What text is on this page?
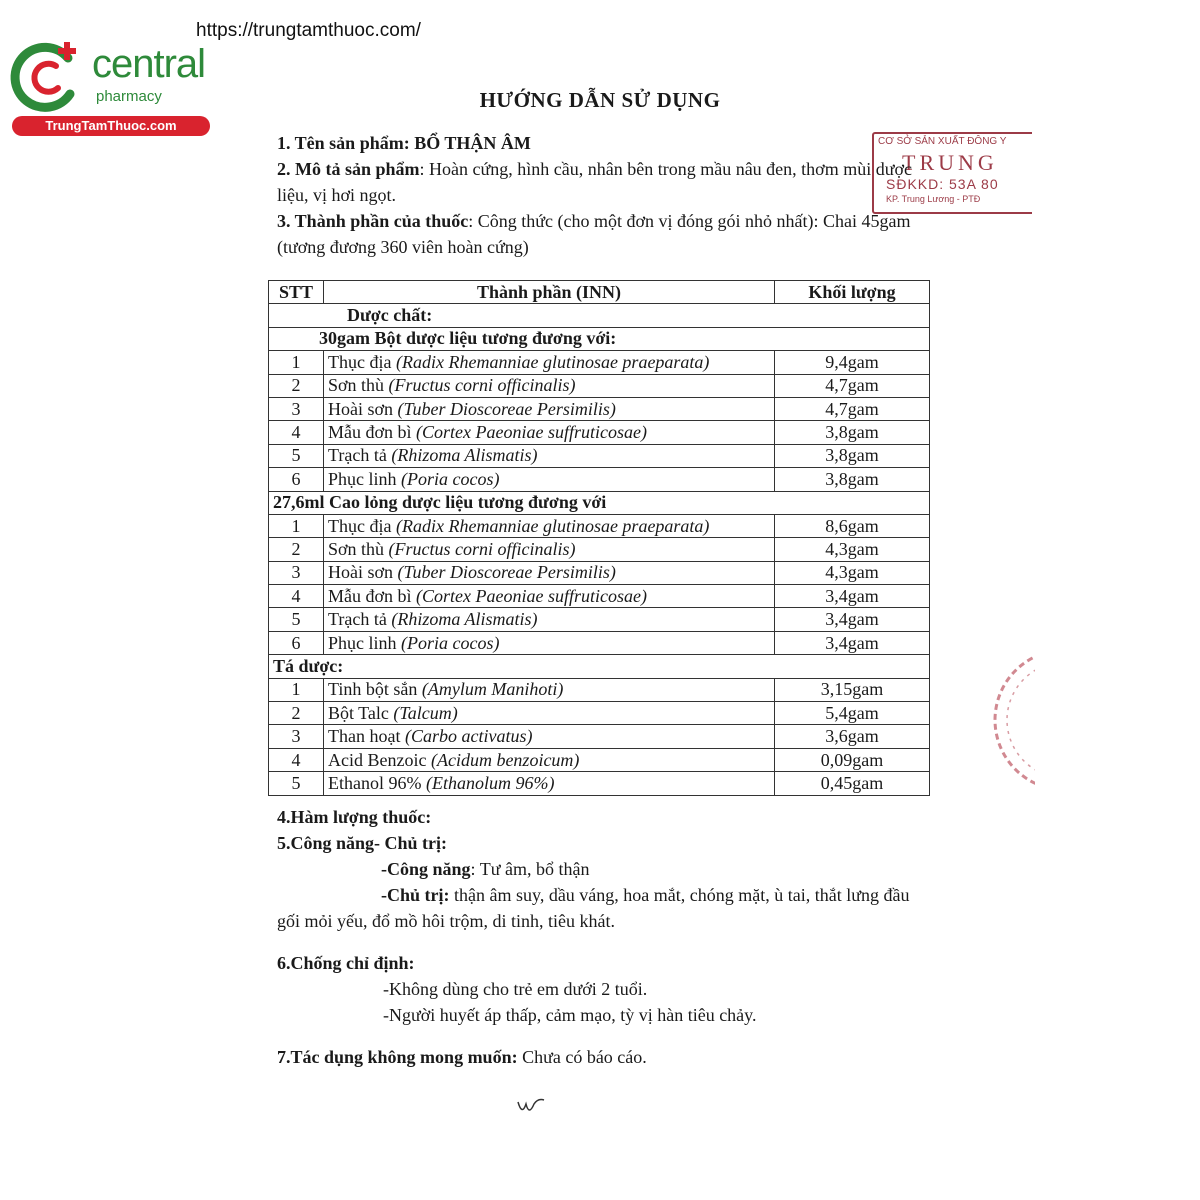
https://trungtamthuoc.com/
central
pharmacy
TrungTamThuoc.com
HƯỚNG DẪN SỬ DỤNG
CƠ SỞ SẢN XUẤT ĐÔNG Y
TRUNG
SĐKKD: 53A 80
KP. Trung Lương - PTĐ

1. Tên sản phẩm: BỔ THẬN ÂM

2. Mô tả sản phẩm: Hoàn cứng, hình cầu, nhân bên trong mầu nâu đen, thơm mùi dược liệu, vị hơi ngọt.

3. Thành phần của thuốc: Công thức (cho một đơn vị đóng gói nhỏ nhất): Chai 45gam (tương đương 360 viên hoàn cứng)

STT	Thành phần (INN)	Khối lượng
Dược chất:		
30gam Bột dược liệu tương đương với:		
1	Thục địa (Radix Rhemanniae glutinosae praeparata)	9,4gam
2	Sơn thù (Fructus corni officinalis)	4,7gam
3	Hoài sơn (Tuber Dioscoreae Persimilis)	4,7gam
4	Mẫu đơn bì (Cortex Paeoniae suffruticosae)	3,8gam
5	Trạch tả (Rhizoma Alismatis)	3,8gam
6	Phục linh (Poria cocos)	3,8gam
27,6ml Cao lỏng dược liệu tương đương với		
1	Thục địa (Radix Rhemanniae glutinosae praeparata)	8,6gam
2	Sơn thù (Fructus corni officinalis)	4,3gam
3	Hoài sơn (Tuber Dioscoreae Persimilis)	4,3gam
4	Mẫu đơn bì (Cortex Paeoniae suffruticosae)	3,4gam
5	Trạch tả (Rhizoma Alismatis)	3,4gam
6	Phục linh (Poria cocos)	3,4gam
Tá dược:		
1	Tinh bột sắn (Amylum Manihoti)	3,15gam
2	Bột Talc (Talcum)	5,4gam
3	Than hoạt (Carbo activatus)	3,6gam
4	Acid Benzoic (Acidum benzoicum)	0,09gam
5	Ethanol 96% (Ethanolum 96%)	0,45gam

4.Hàm lượng thuốc:

5.Công năng- Chủ trị:

-Công năng: Tư âm, bổ thận

-Chủ trị: thận âm suy, dầu váng, hoa mắt, chóng mặt, ù tai, thắt lưng đầu gối mỏi yếu, đổ mồ hôi trộm, di tinh, tiêu khát.

6.Chống chỉ định:

-Không dùng cho trẻ em dưới 2 tuổi.

-Người huyết áp thấp, cảm mạo, tỳ vị hàn tiêu chảy.

7.Tác dụng không mong muốn: Chưa có báo cáo.
